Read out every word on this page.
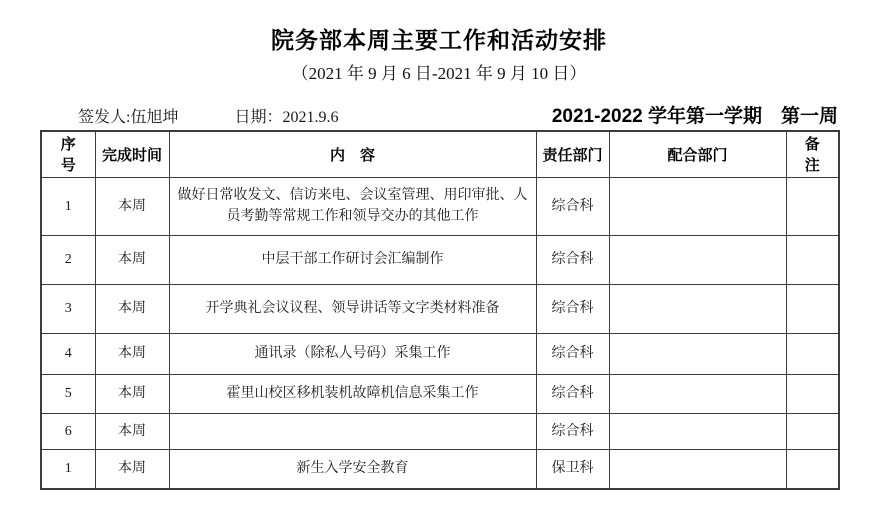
院务部本周主要工作和活动安排
（2021 年 9 月 6 日-2021 年 9 月 10 日）
签发人:伍旭坤	日期：2021.9.6	2021-2022 学年第一学期　第一周
序　号	完成时间	内　容	责任部门	配合部门	备　注
1	本周	做好日常收发文、信访来电、会议室管理、用印审批、人员考勤等常规工作和领导交办的其他工作	综合科		
2	本周	中层干部工作研讨会汇编制作	综合科		
3	本周	开学典礼会议议程、领导讲话等文字类材料准备	综合科		
4	本周	通讯录（除私人号码）采集工作	综合科		
5	本周	霍里山校区移机装机故障机信息采集工作	综合科		
6	本周		综合科		
1	本周	新生入学安全教育	保卫科		
